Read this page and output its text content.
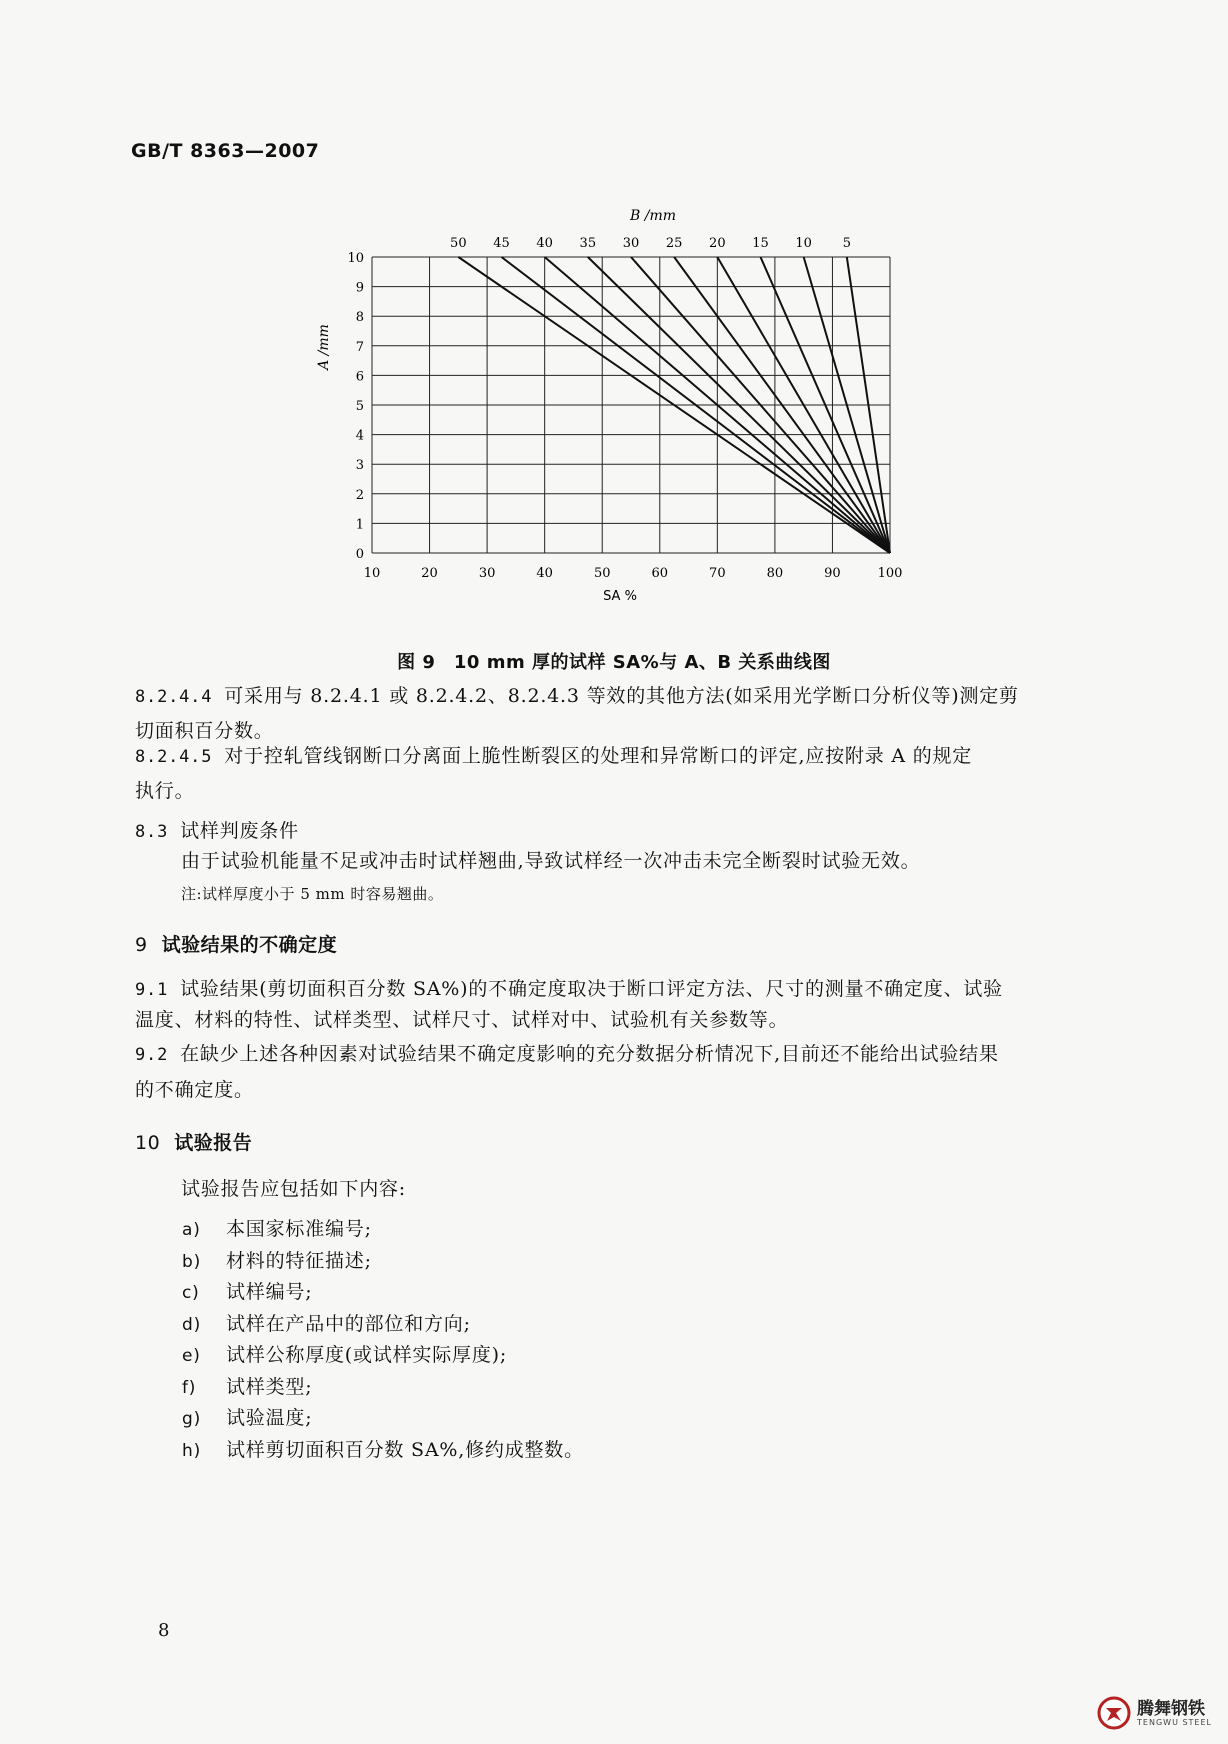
GB/T 8363—2007
10	20	30	40	50	60	70	80	90	100
0
1
2
3
4
5
6
7
8
9
10
50 45 40 35 30 25 20 15 10 5
B /mm
SA %
A /mm
图 9　10 mm 厚的试样 SA%与 A、B 关系曲线图
8.2.4.4 可采用与 8.2.4.1 或 8.2.4.2、8.2.4.3 等效的其他方法(如采用光学断口分析仪等)测定剪
切面积百分数。
8.2.4.5 对于控轧管线钢断口分离面上脆性断裂区的处理和异常断口的评定,应按附录 A 的规定
执行。
8.3 试样判废条件
由于试验机能量不足或冲击时试样翘曲,导致试样经一次冲击未完全断裂时试验无效。
注:试样厚度小于 5 mm 时容易翘曲。
9 试验结果的不确定度
9.1 试验结果(剪切面积百分数 SA%)的不确定度取决于断口评定方法、尺寸的测量不确定度、试验
温度、材料的特性、试样类型、试样尺寸、试样对中、试验机有关参数等。
9.2 在缺少上述各种因素对试验结果不确定度影响的充分数据分析情况下,目前还不能给出试验结果
的不确定度。
10 试验报告
试验报告应包括如下内容:
a) 本国家标准编号;
b) 材料的特征描述;
c) 试样编号;
d) 试样在产品中的部位和方向;
e) 试样公称厚度(或试样实际厚度);
f) 试样类型;
g) 试验温度;
h) 试样剪切面积百分数 SA%,修约成整数。
8
腾舞钢铁
TENGWU STEEL
